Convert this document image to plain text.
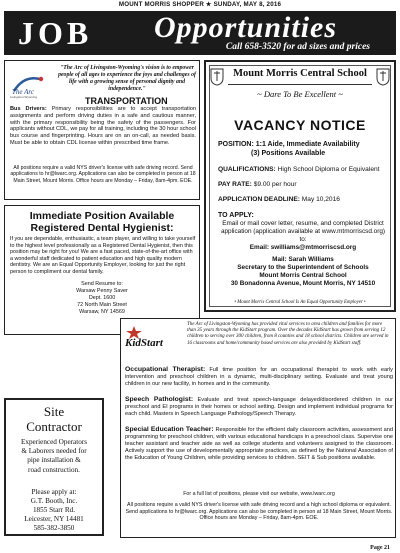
MOUNT MORRIS SHOPPER ★ SUNDAY, MAY 8, 2016
JOB Opportunities
Call 658-3520 for ad sizes and prices
The Arc
Livingston-Wyoming
"The Arc of Livingston-Wyoming's vision is to empower people of all ages to experience the joys and challenges of life with a growing sense of personal dignity and independence."
TRANSPORTATION
Bus Drivers: Primary responsibilities are to accept transportation assignments and perform driving duties in a safe and cautious manner, with the primary responsibility being the safety of the passengers. For applicants without CDL, we pay for all training, including the 30 hour school bus course and fingerprinting. Hours are on an on-call, as needed basis. Must be able to obtain CDL license within prescribed time frame.
All positions require a valid NYS driver's license with safe driving record. Send applications to hr@lwarc.org. Applications can also be completed in person at 18 Main Street, Mount Morris. Office hours are Monday – Friday, 8am-4pm. EOE.
Mount Morris Central School
~ Dare To Be Excellent ~
VACANCY NOTICE
POSITION: 1:1 Aide, Immediate Availability
(3) Positions Available
QUALIFICATIONS: High School Diploma or Equivalent
PAY RATE: $9.00 per hour
APPLICATION DEADLINE: May 10,2016
TO APPLY:
Email or mail cover letter, resume, and completed District application (application available at www.mtmorriscsd.org) to:
Email: swilliams@mtmorriscsd.org
Mail: Sarah Williams
Secretary to the Superintendent of Schools
Mount Morris Central School
30 Bonadonna Avenue, Mount Morris, NY 14510
• Mount Morris Central School Is An Equal Opportunity Employer •
Immediate Position Available Registered Dental Hygienist:
If you are dependable, enthusiastic, a team player, and willing to take yourself to the highest level professionally as a Registered Dental Hygienist, then this position may be right for you! We are a fast paced, state-of-the-art office with a wonderful staff dedicated to patient education and high quality modern dentistry. We are an Equal Opportunity Employer, looking for just the right person to compliment our dental family.
Send Resume to:
Warsaw Penny Saver
Dept. 1600
72 North Main Street
Warsaw, NY 14569
KidStart
The Arc of Livingston-Wyoming has provided vital services to area children and families for more than 35 years through the KidStart program. Over the decades KidStart has grown from serving 12 children to serving over 300 children, from 8 counties and 18 school districts. Children are served in 16 classrooms and home/community based services are also provided by KidStart staff.
Occupational Therapist: Full time position for an occupational therapist to work with early intervention and preschool children in a dynamic, multi-disciplinary setting. Evaluate and treat young children in our new facility, in homes and in the community.
Speech Pathologist: Evaluate and treat speech-language delayed/disordered children in our preschool and EI programs in their homes or school setting. Design and implement individual programs for each child. Masters in Speech Language Pathology/Speech Therapy.
Special Education Teacher: Responsible for the efficient daily classroom activities, assessment and programming for preschool children, with various educational handicaps in a preschool class. Supervise one teacher assistant and teacher aide as well as college students and volunteers assigned to the classroom. Actively support the use of developmentally appropriate practices, as defined by the National Association of the Education of Young Children, while providing services to children. SEIT & Sub positions available.
For a full list of positions, please visit our website, www.lwarc.org
All positions require a valid NYS driver's license with safe driving record and a high school diploma or equivalent. Send applications to hr@lwarc.org. Applications can also be completed in person at 18 Main Street, Mount Morris. Office hours are Monday – Friday, 8am-4pm. EOE.
Site
Contractor
Experienced Operators
& Laborers needed for
pipe installation &
road construction.
Please apply at:
G.T. Booth, Inc.
1855 Starr Rd.
Leicester, NY 14481
585-382-3850
Page 21
